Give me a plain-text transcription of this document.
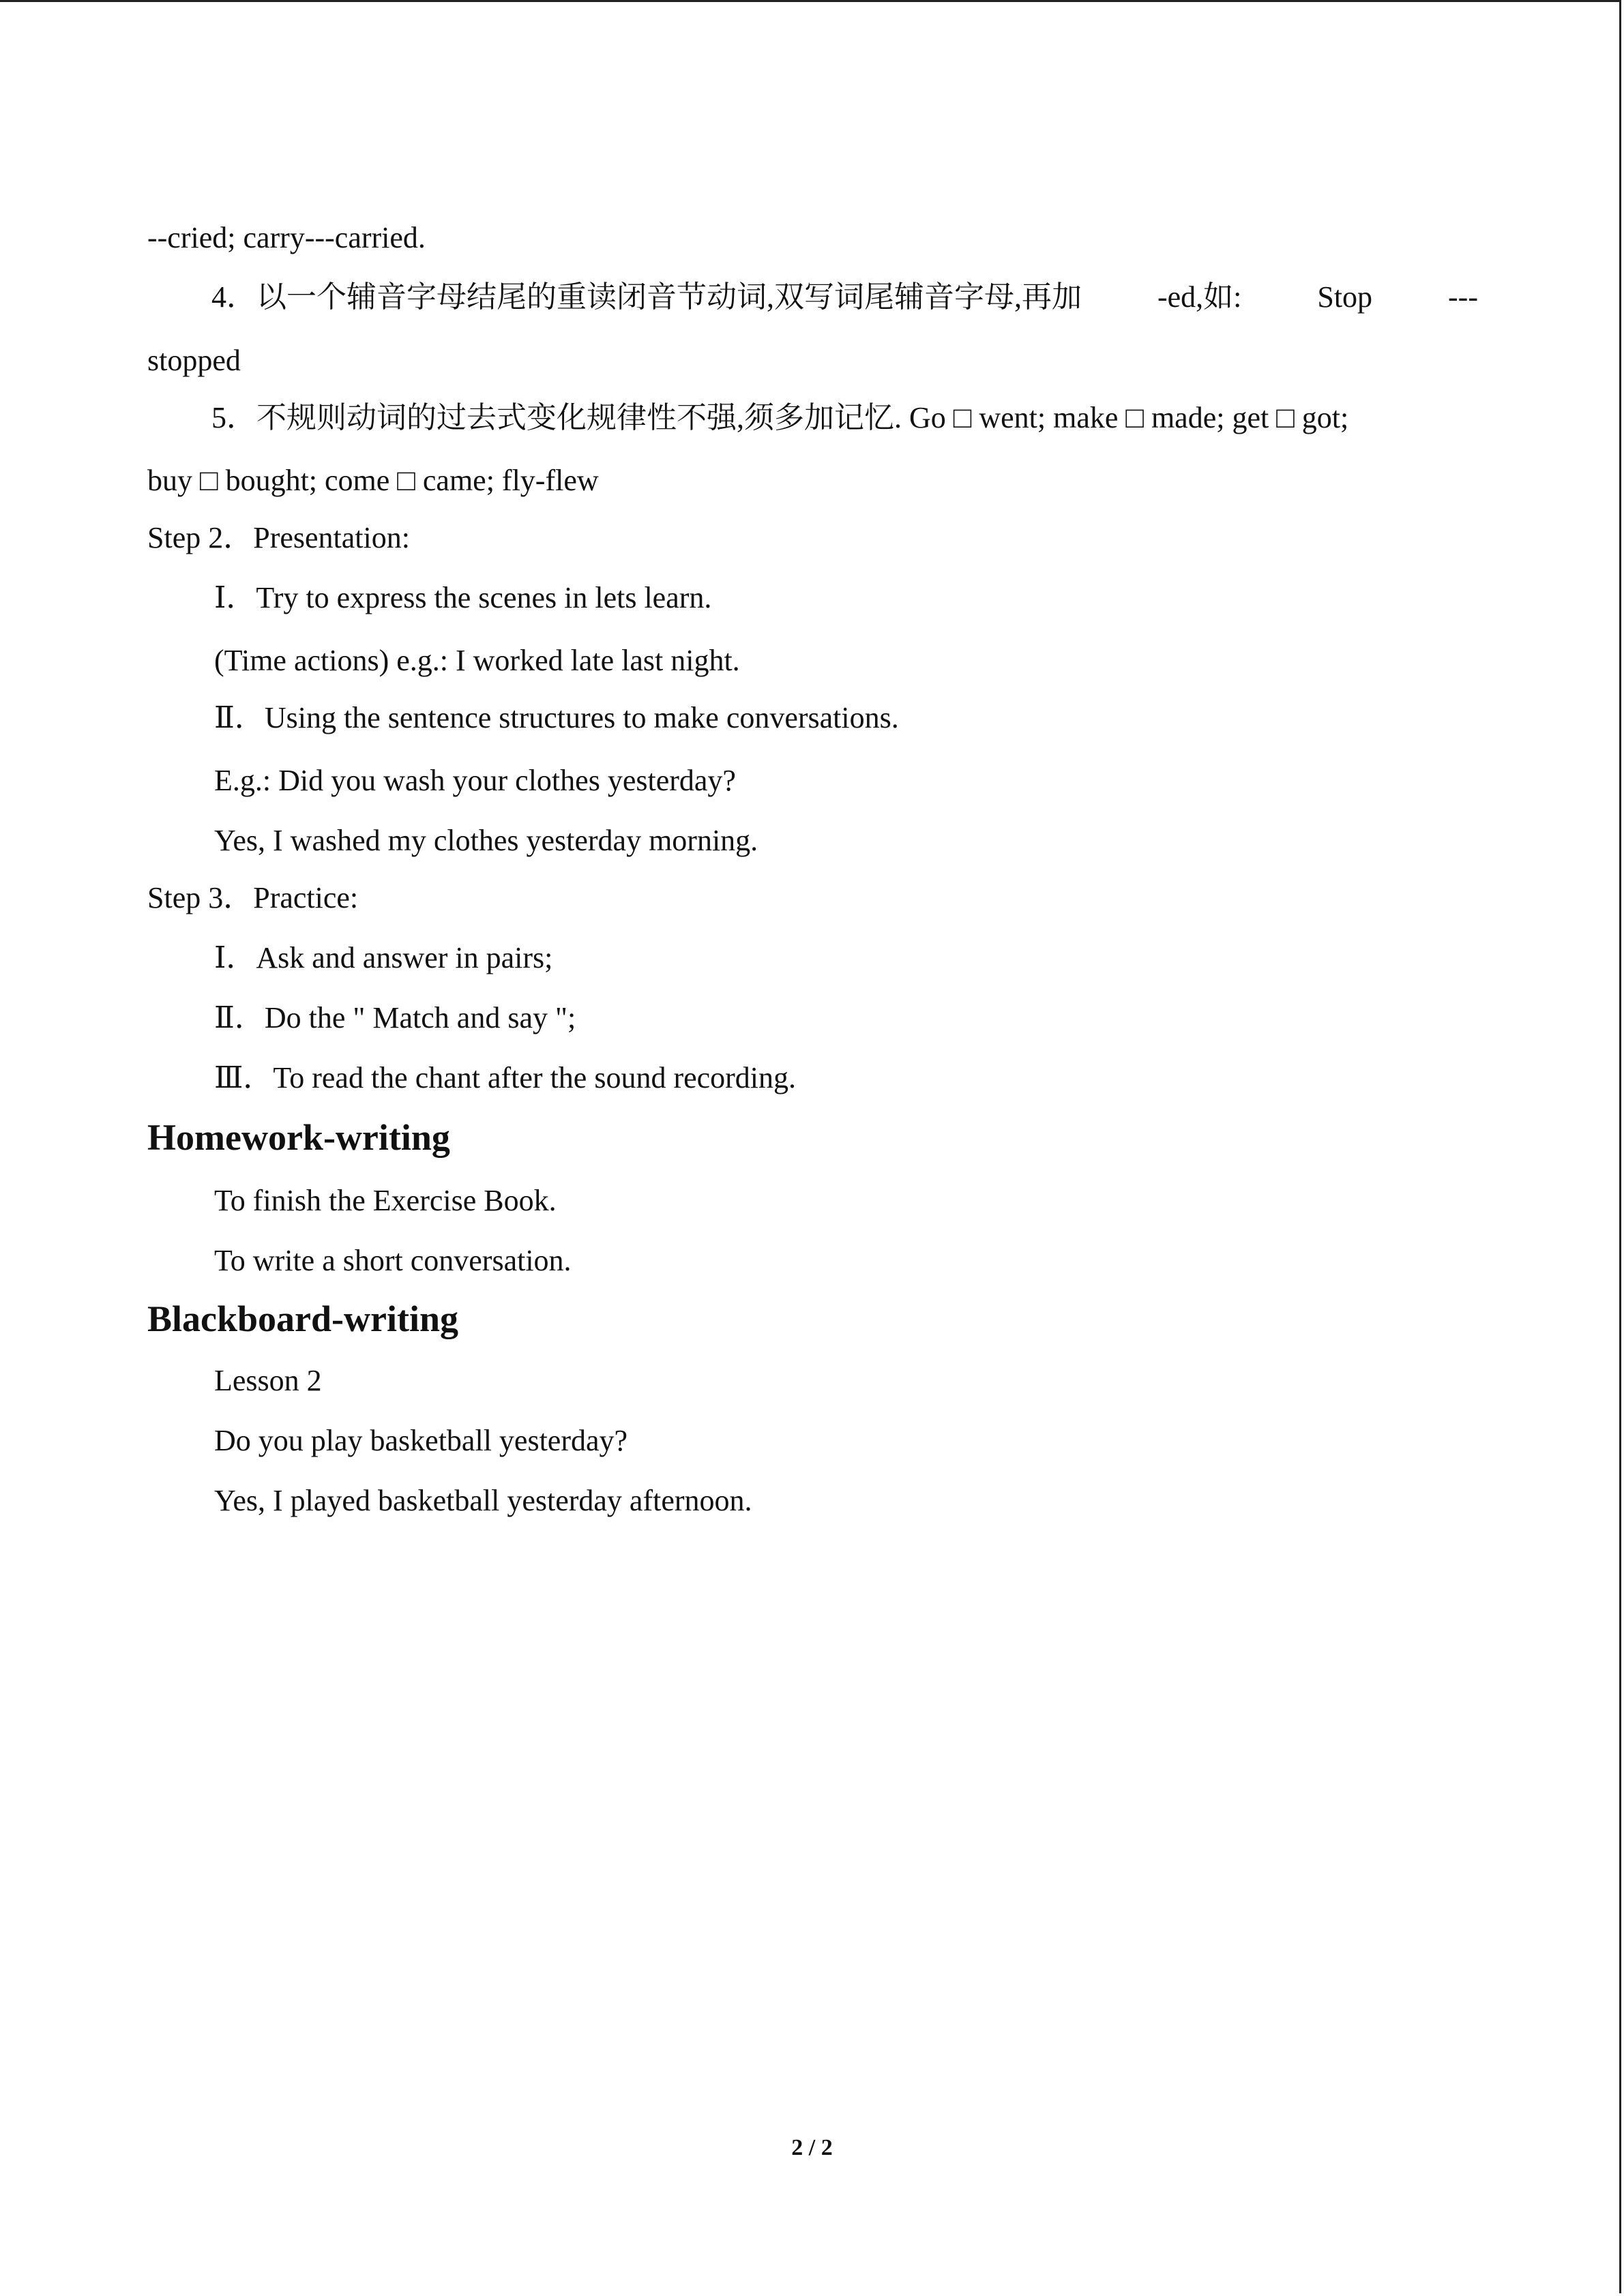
--cried; carry---carried.
4．以一个辅音字母结尾的重读闭音节动词,双写词尾辅音字母,再加	-ed,如:	Stop	---
stopped
5．不规则动词的过去式变化规律性不强,须多加记忆. Go □ went; make □ made; get □ got;
buy □ bought; come □ came; fly-flew
Step 2．Presentation:
Ⅰ．Try to express the scenes in lets learn.
(Time actions) e.g.: I worked late last night.
Ⅱ．Using the sentence structures to make conversations.
E.g.: Did you wash your clothes yesterday?
Yes, I washed my clothes yesterday morning.
Step 3．Practice:
Ⅰ．Ask and answer in pairs;
Ⅱ．Do the " Match and say ";
Ⅲ．To read the chant after the sound recording.
Homework-writing
To finish the Exercise Book.
To write a short conversation.
Blackboard-writing
Lesson 2
Do you play basketball yesterday?
Yes, I played basketball yesterday afternoon.
2 / 2
